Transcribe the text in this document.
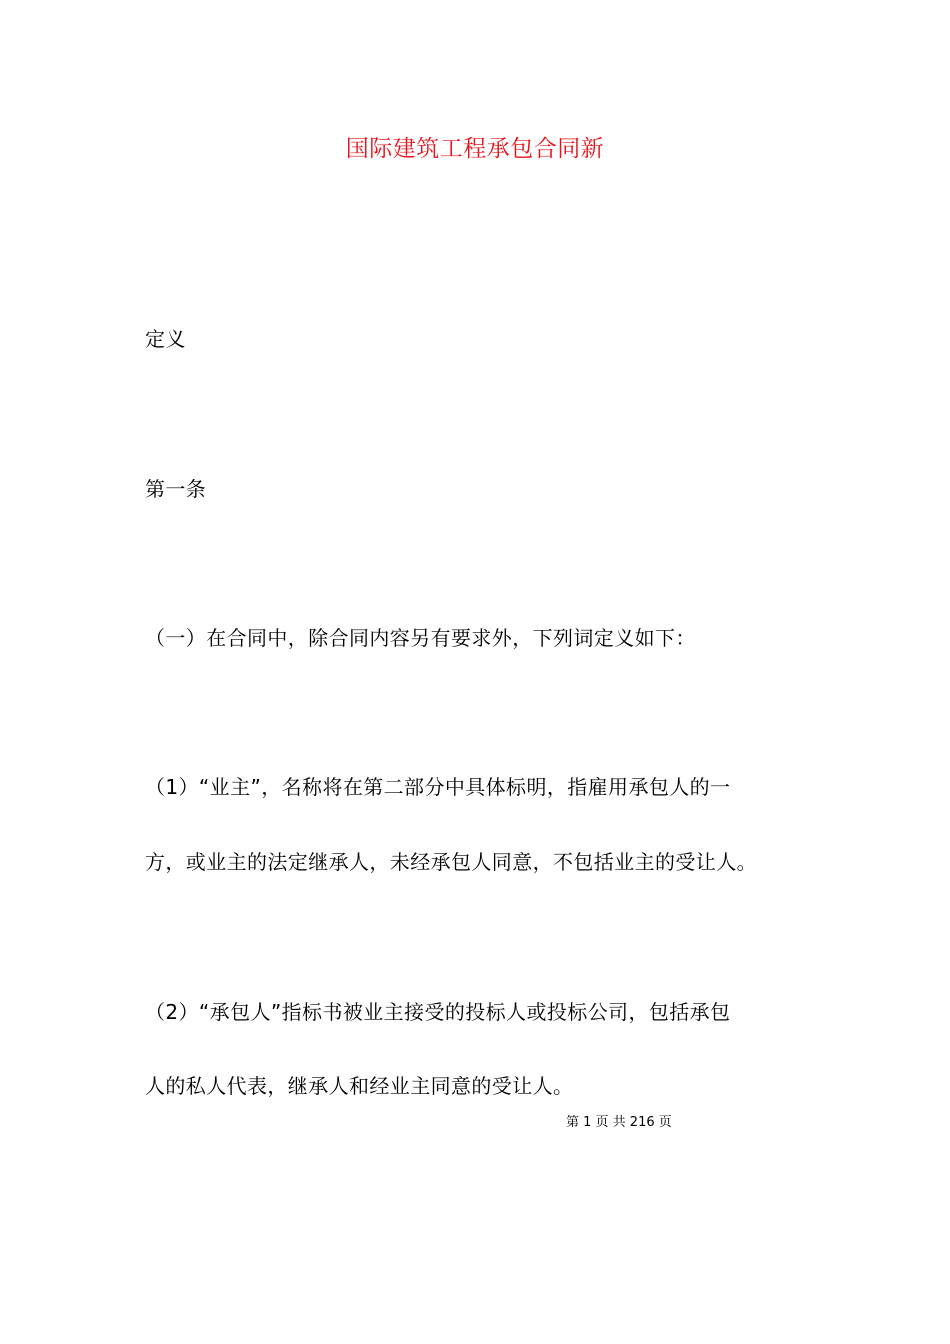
国际建筑工程承包合同新
定义
第一条
（一）在合同中，除合同内容另有要求外，下列词定义如下：
（1）“业主”，名称将在第二部分中具体标明，指雇用承包人的一
方，或业主的法定继承人，未经承包人同意，不包括业主的受让人。
（2）“承包人”指标书被业主接受的投标人或投标公司，包括承包
人的私人代表，继承人和经业主同意的受让人。
第 1 页 共 216 页
